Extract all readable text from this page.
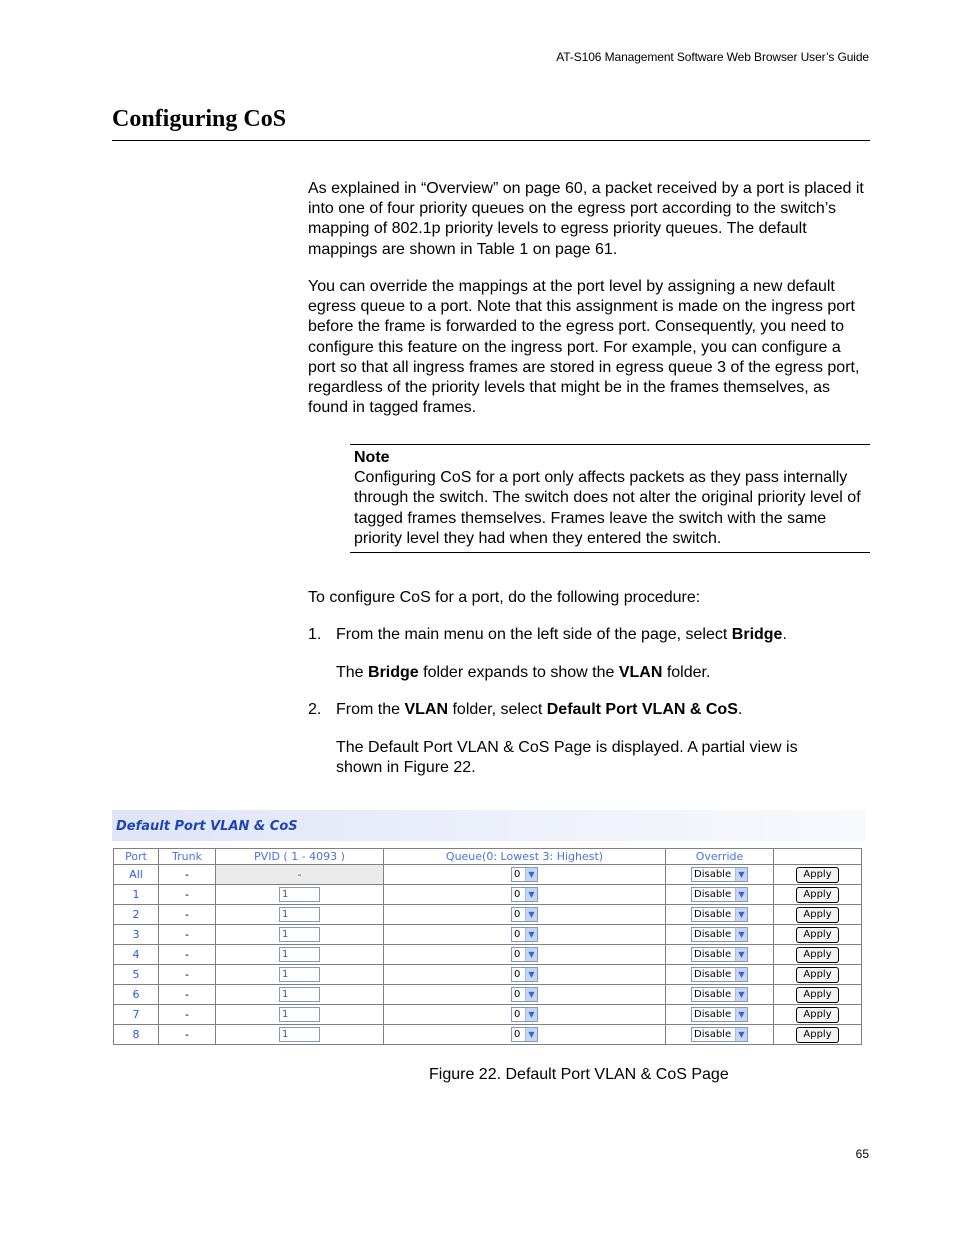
AT-S106 Management Software Web Browser User’s Guide
Configuring CoS

As explained in “Overview” on page 60, a packet received by a port is placed it into one of four priority queues on the egress port according to the switch’s mapping of 802.1p priority levels to egress priority queues. The default mappings are shown in Table 1 on page 61.

You can override the mappings at the port level by assigning a new default egress queue to a port. Note that this assignment is made on the ingress port before the frame is forwarded to the egress port. Consequently, you need to configure this feature on the ingress port. For example, you can configure a port so that all ingress frames are stored in egress queue 3 of the egress port, regardless of the priority levels that might be in the frames themselves, as found in tagged frames.

Note
Configuring CoS for a port only affects packets as they pass internally through the switch. The switch does not alter the original priority level of tagged frames themselves. Frames leave the switch with the same priority level they had when they entered the switch.

To configure CoS for a port, do the following procedure:

1. From the main menu on the left side of the page, select Bridge.
The Bridge folder expands to show the VLAN folder.
2. From the VLAN folder, select Default Port VLAN & CoS.
The Default Port VLAN & CoS Page is displayed. A partial view is shown in Figure 22.
Default Port VLAN & CoS
Port	Trunk	PVID ( 1 - 4093 )	Queue(0: Lowest 3: Highest)	Override	
All	-	-	0 ▼	Disable ▼	Apply
1	-	1	0 ▼	Disable ▼	Apply
2	-	1	0 ▼	Disable ▼	Apply
3	-	1	0 ▼	Disable ▼	Apply
4	-	1	0 ▼	Disable ▼	Apply
5	-	1	0 ▼	Disable ▼	Apply
6	-	1	0 ▼	Disable ▼	Apply
7	-	1	0 ▼	Disable ▼	Apply
8	-	1	0 ▼	Disable ▼	Apply
Figure 22. Default Port VLAN & CoS Page
65
